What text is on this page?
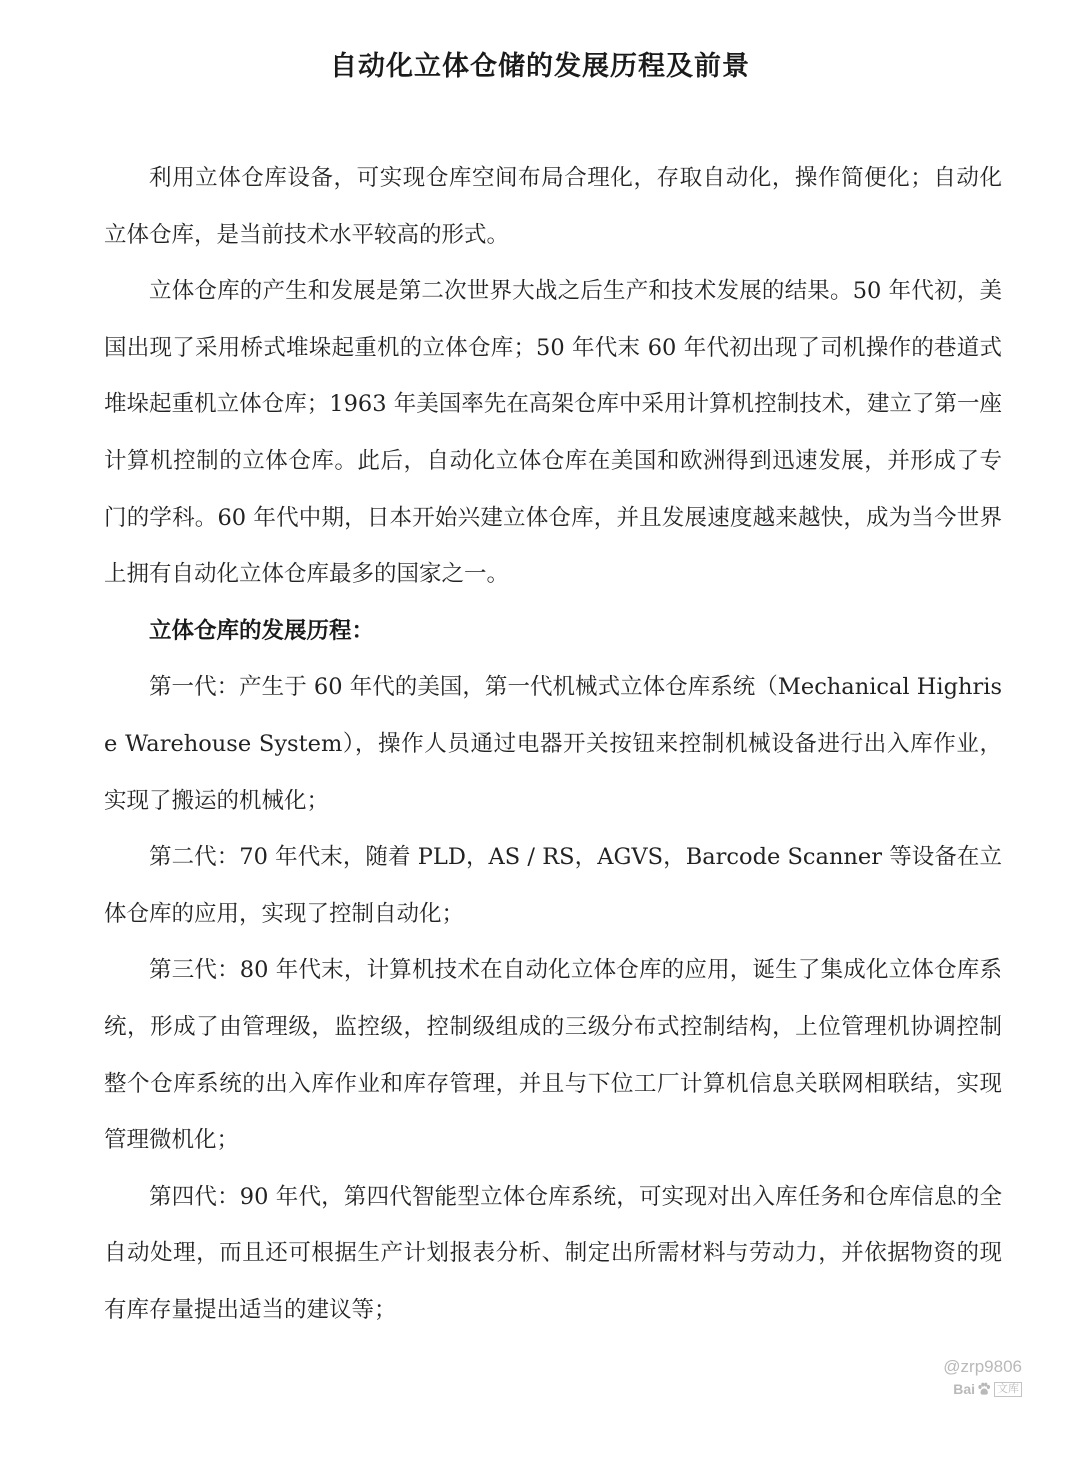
自动化立体仓储的发展历程及前景

利用立体仓库设备，可实现仓库空间布局合理化，存取自动化，操作简便化；自动化立体仓库，是当前技术水平较高的形式。

立体仓库的产生和发展是第二次世界大战之后生产和技术发展的结果。50 年代初，美国出现了采用桥式堆垛起重机的立体仓库；50 年代末 60 年代初出现了司机操作的巷道式堆垛起重机立体仓库；1963 年美国率先在高架仓库中采用计算机控制技术，建立了第一座计算机控制的立体仓库。此后，自动化立体仓库在美国和欧洲得到迅速发展，并形成了专门的学科。60 年代中期，日本开始兴建立体仓库，并且发展速度越来越快，成为当今世界上拥有自动化立体仓库最多的国家之一。

立体仓库的发展历程：

第一代：产生于 60 年代的美国，第一代机械式立体仓库系统（Mechanical Highrise Warehouse System），操作人员通过电器开关按钮来控制机械设备进行出入库作业，实现了搬运的机械化；

第二代：70 年代末，随着 PLD，AS / RS，AGVS，Barcode Scanner 等设备在立体仓库的应用，实现了控制自动化；

第三代：80 年代末，计算机技术在自动化立体仓库的应用，诞生了集成化立体仓库系统，形成了由管理级，监控级，控制级组成的三级分布式控制结构，上位管理机协调控制整个仓库系统的出入库作业和库存管理，并且与下位工厂计算机信息关联网相联结，实现管理微机化；

第四代：90 年代，第四代智能型立体仓库系统，可实现对出入库任务和仓库信息的全自动处理，而且还可根据生产计划报表分析、制定出所需材料与劳动力，并依据物资的现有库存量提出适当的建议等；

@zrp9806
Bai 文库
